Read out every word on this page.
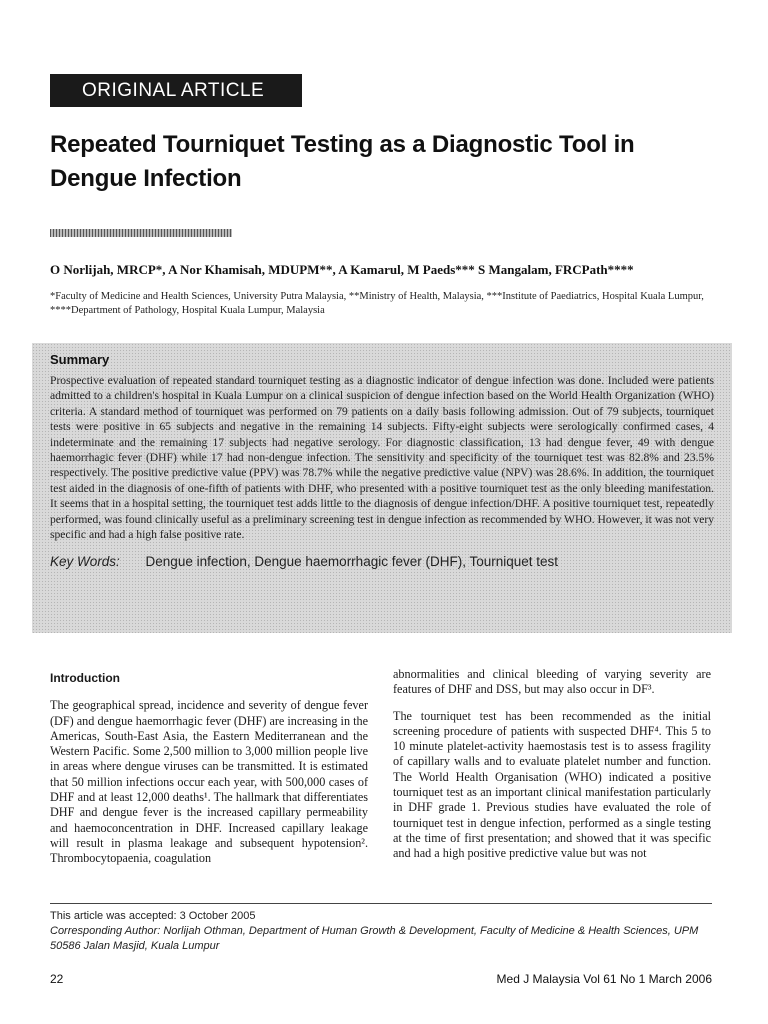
ORIGINAL ARTICLE
Repeated Tourniquet Testing as a Diagnostic Tool in Dengue Infection
O Norlijah, MRCP*, A Nor Khamisah, MDUPM**, A Kamarul, M Paeds*** S Mangalam, FRCPath****
*Faculty of Medicine and Health Sciences, University Putra Malaysia, **Ministry of Health, Malaysia, ***Institute of Paediatrics, Hospital Kuala Lumpur, ****Department of Pathology, Hospital Kuala Lumpur, Malaysia
Summary

Prospective evaluation of repeated standard tourniquet testing as a diagnostic indicator of dengue infection was done. Included were patients admitted to a children's hospital in Kuala Lumpur on a clinical suspicion of dengue infection based on the World Health Organization (WHO) criteria. A standard method of tourniquet was performed on 79 patients on a daily basis following admission. Out of 79 subjects, tourniquet tests were positive in 65 subjects and negative in the remaining 14 subjects. Fifty-eight subjects were serologically confirmed cases, 4 indeterminate and the remaining 17 subjects had negative serology. For diagnostic classification, 13 had dengue fever, 49 with dengue haemorrhagic fever (DHF) while 17 had non-dengue infection. The sensitivity and specificity of the tourniquet test was 82.8% and 23.5% respectively. The positive predictive value (PPV) was 78.7% while the negative predictive value (NPV) was 28.6%. In addition, the tourniquet test aided in the diagnosis of one-fifth of patients with DHF, who presented with a positive tourniquet test as the only bleeding manifestation. It seems that in a hospital setting, the tourniquet test adds little to the diagnosis of dengue infection/DHF. A positive tourniquet test, repeatedly performed, was found clinically useful as a preliminary screening test in dengue infection as recommended by WHO. However, it was not very specific and had a high false positive rate.

Key Words: Dengue infection, Dengue haemorrhagic fever (DHF), Tourniquet test
Introduction

The geographical spread, incidence and severity of dengue fever (DF) and dengue haemorrhagic fever (DHF) are increasing in the Americas, South-East Asia, the Eastern Mediterranean and the Western Pacific. Some 2,500 million to 3,000 million people live in areas where dengue viruses can be transmitted. It is estimated that 50 million infections occur each year, with 500,000 cases of DHF and at least 12,000 deaths¹. The hallmark that differentiates DHF and dengue fever is the increased capillary permeability and haemoconcentration in DHF. Increased capillary leakage will result in plasma leakage and subsequent hypotension². Thrombocytopaenia, coagulation

abnormalities and clinical bleeding of varying severity are features of DHF and DSS, but may also occur in DF³.

The tourniquet test has been recommended as the initial screening procedure of patients with suspected DHF⁴. This 5 to 10 minute platelet-activity haemostasis test is to assess fragility of capillary walls and to evaluate platelet number and function. The World Health Organisation (WHO) indicated a positive tourniquet test as an important clinical manifestation particularly in DHF grade 1. Previous studies have evaluated the role of tourniquet test in dengue infection, performed as a single testing at the time of first presentation; and showed that it was specific and had a high positive predictive value but was not

This article was accepted: 3 October 2005
Corresponding Author: Norlijah Othman, Department of Human Growth & Development, Faculty of Medicine & Health Sciences, UPM 50586 Jalan Masjid, Kuala Lumpur
22	Med J Malaysia Vol 61 No 1 March 2006
